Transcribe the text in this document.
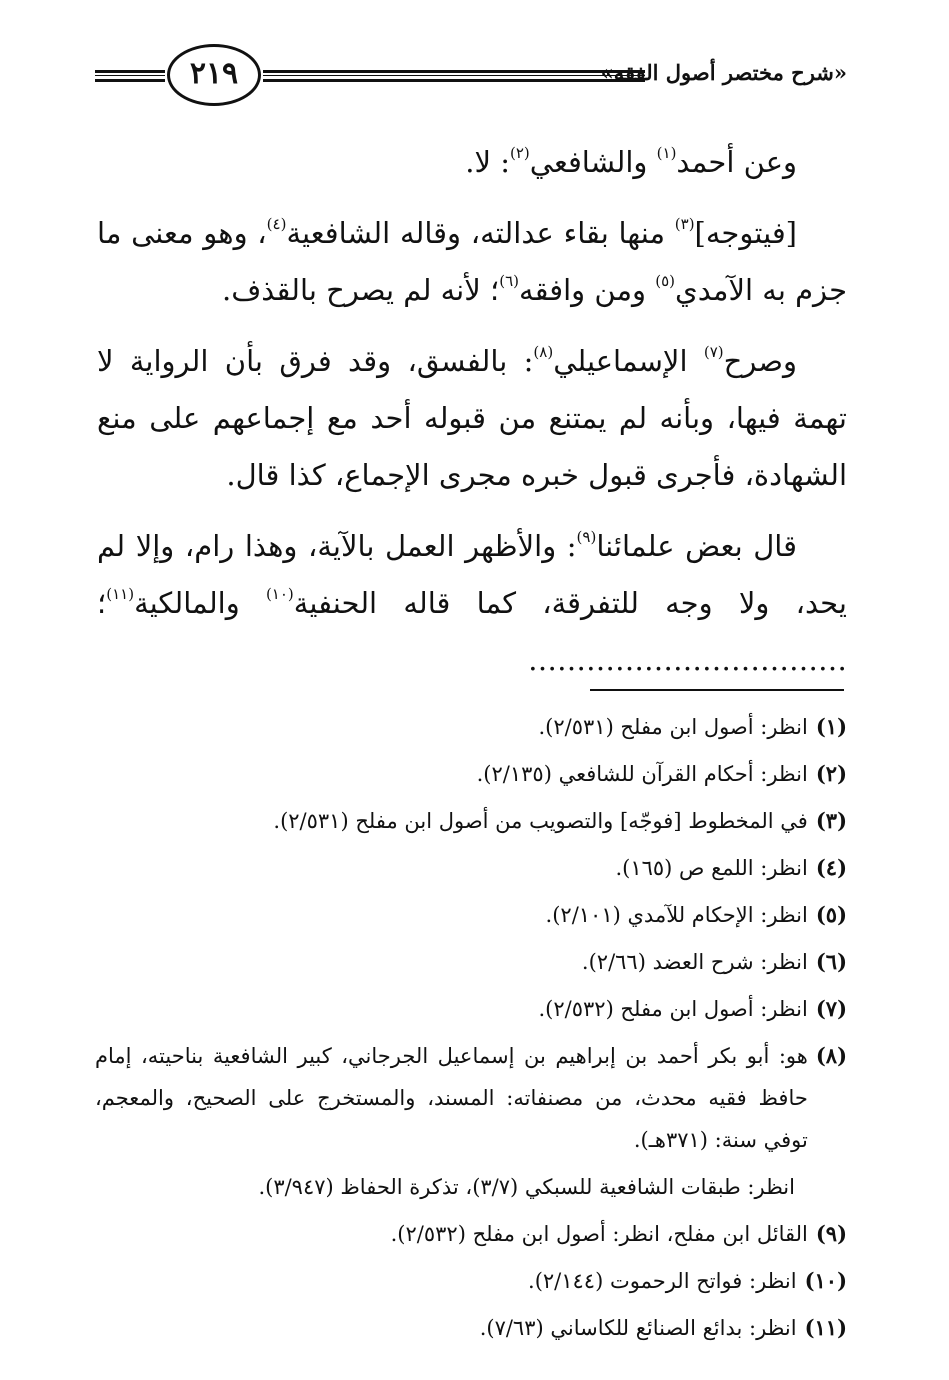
٢١٩	«شرح مختصر أصول الفقه»

وعن أحمد$^{(١)}$ والشافعي$^{(٢)}$: لا.

[فيتوجه]$^{(٣)}$ منها بقاء عدالته، وقاله الشافعية$^{(٤)}$، وهو معنى ما جزم به الآمدي$^{(٥)}$ ومن وافقه$^{(٦)}$؛ لأنه لم يصرح بالقذف.

وصرح$^{(٧)}$ الإسماعيلي$^{(٨)}$: بالفسق، وقد فرق بأن الرواية لا تهمة فيها، وبأنه لم يمتنع من قبوله أحد مع إجماعهم على منع الشهادة، فأجرى قبول خبره مجرى الإجماع، كذا قال.

قال بعض علمائنا$^{(٩)}$: والأظهر العمل بالآية، وهذا رام، وإلا لم يحد، ولا وجه للتفرقة، كما قاله الحنفية$^{(١٠)}$ والمالكية$^{(١١)}$؛ ……………………………

(١)
انظر: أصول ابن مفلح (٢/٥٣١).
(٢)
انظر: أحكام القرآن للشافعي (٢/١٣٥).
(٣)
في المخطوط [فوجّه] والتصويب من أصول ابن مفلح (٢/٥٣١).
(٤)
انظر: اللمع ص (١٦٥).
(٥)
انظر: الإحكام للآمدي (٢/١٠١).
(٦)
انظر: شرح العضد (٢/٦٦).
(٧)
انظر: أصول ابن مفلح (٢/٥٣٢).
(٨)
هو: أبو بكر أحمد بن إبراهيم بن إسماعيل الجرجاني، كبير الشافعية بناحيته، إمام حافظ فقيه محدث، من مصنفاته: المسند، والمستخرج على الصحيح، والمعجم، توفي سنة: (٣٧١هـ).
انظر: طبقات الشافعية للسبكي (٣/٧)، تذكرة الحفاظ (٣/٩٤٧).
(٩)
القائل ابن مفلح، انظر: أصول ابن مفلح (٢/٥٣٢).
(١٠)
انظر: فواتح الرحموت (٢/١٤٤).
(١١)
انظر: بدائع الصنائع للكاساني (٧/٦٣).
